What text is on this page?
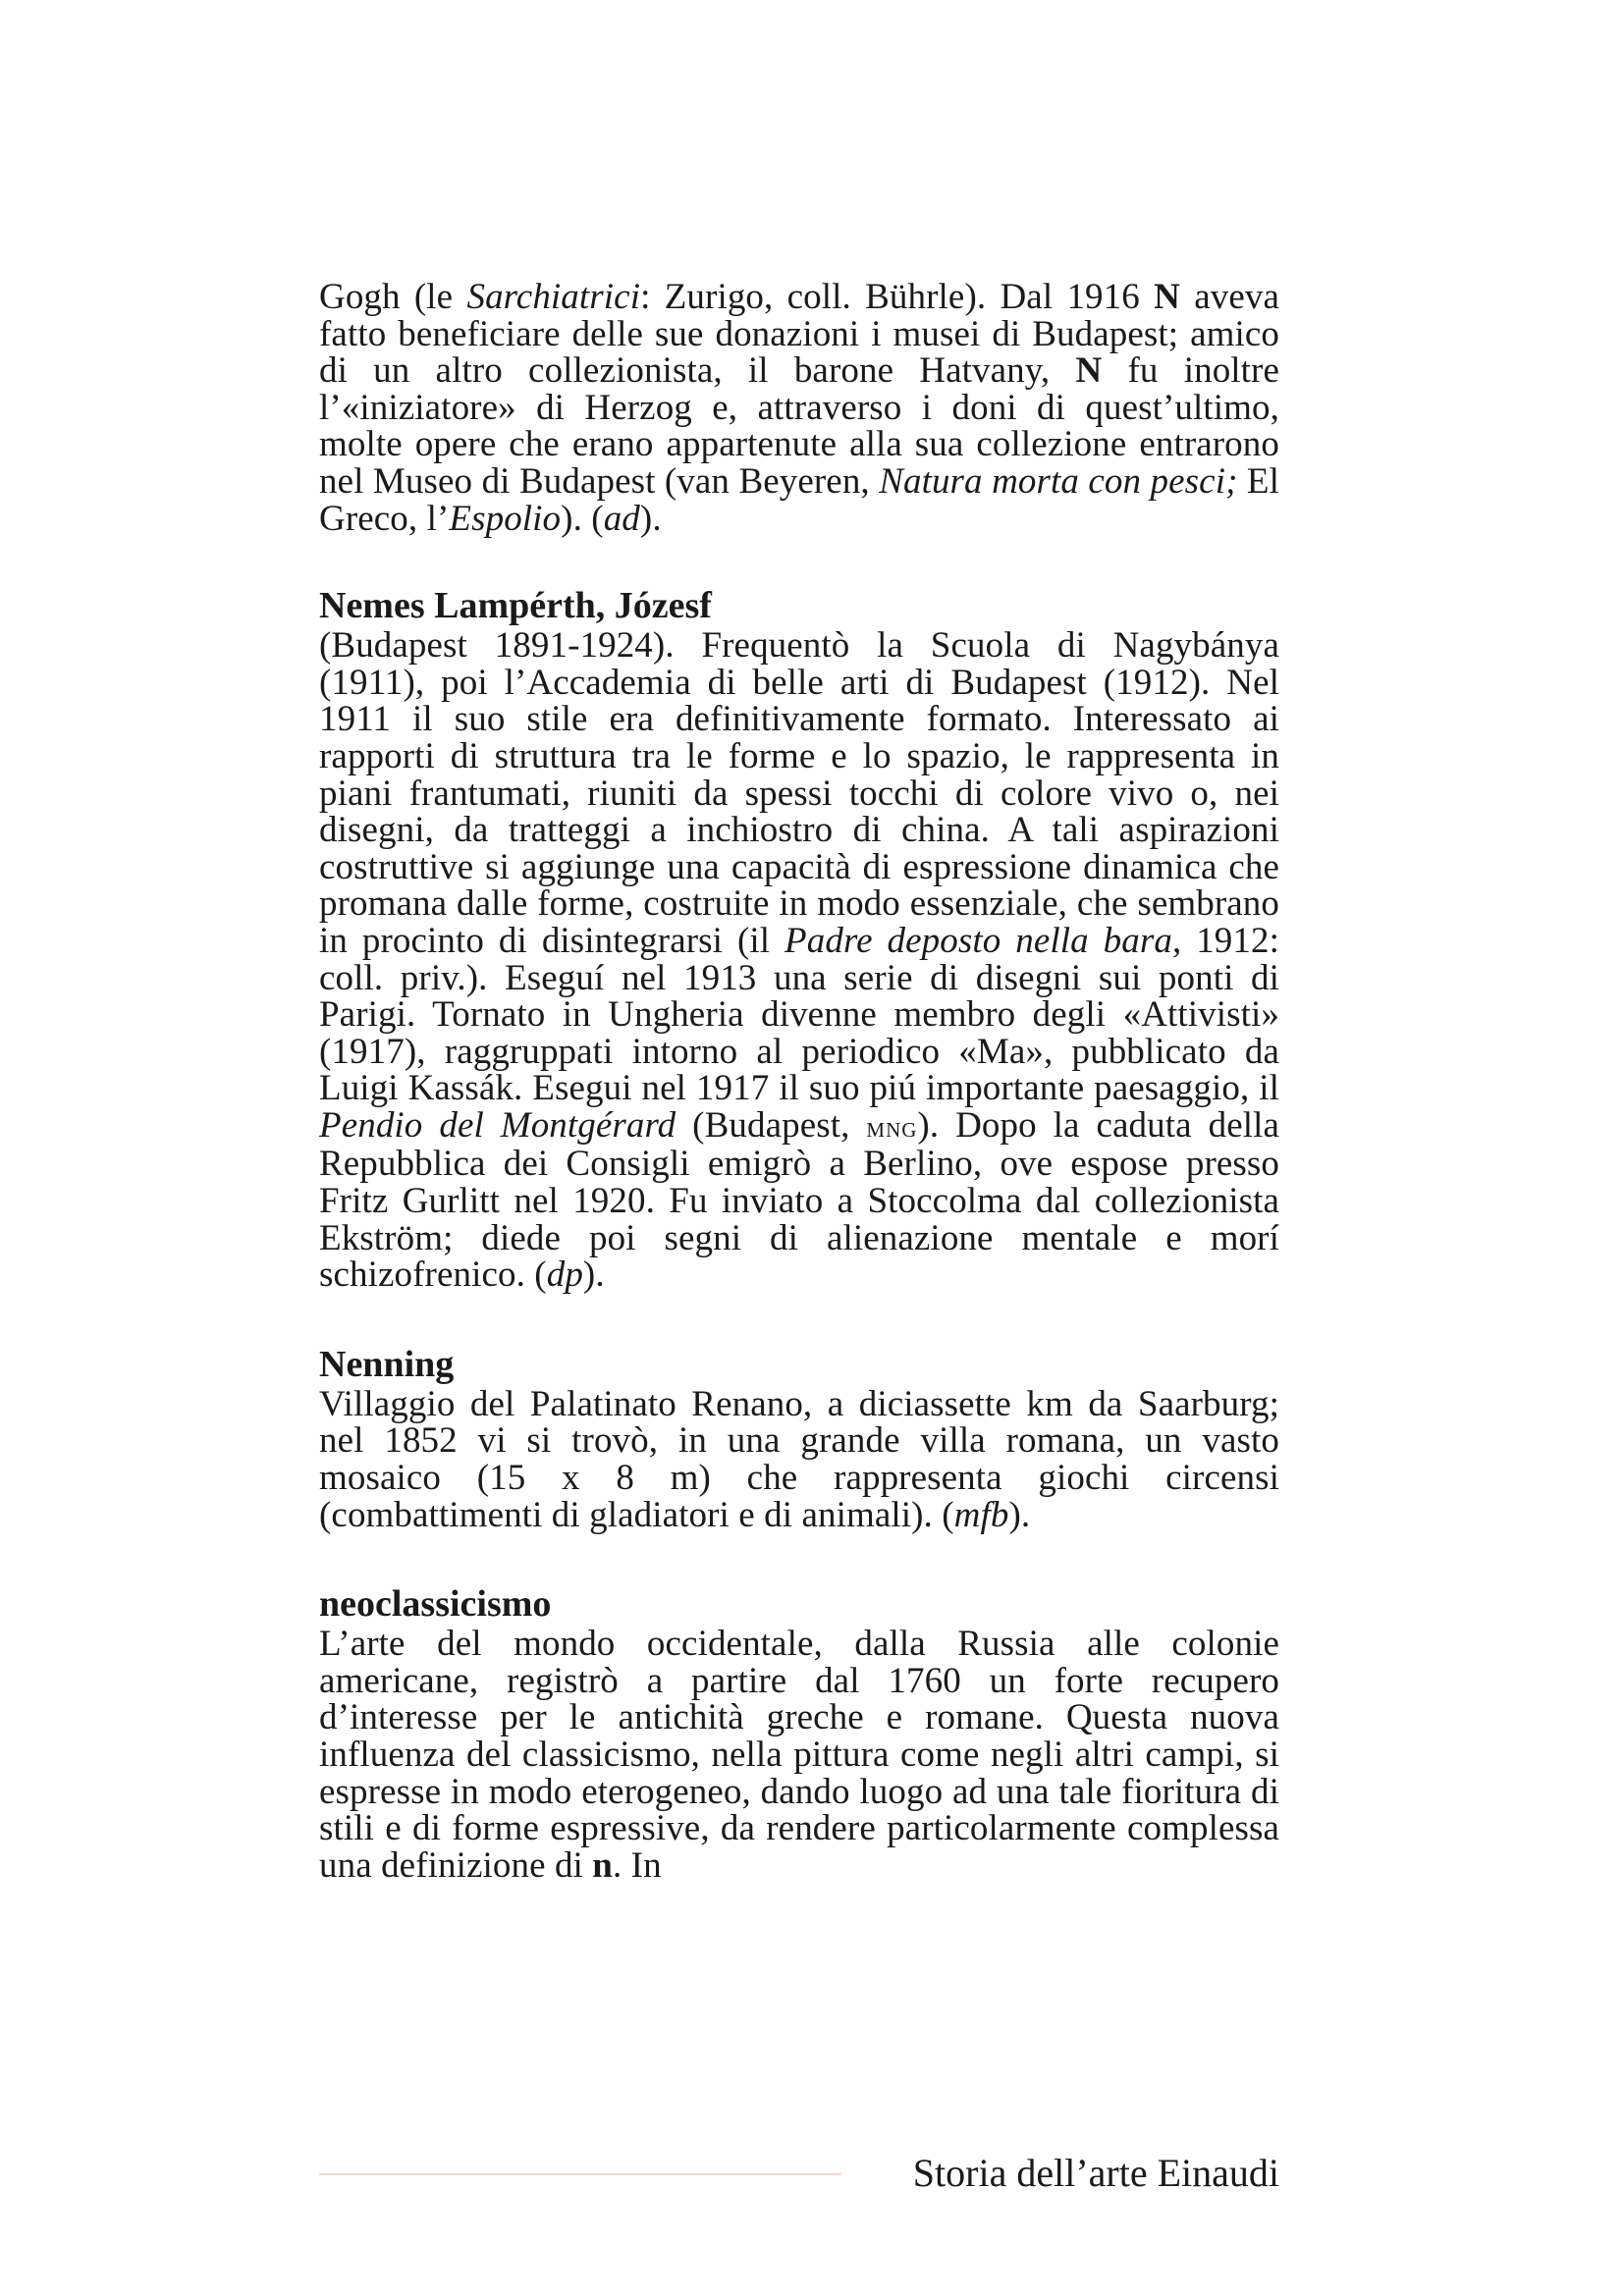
Gogh (le Sarchiatrici: Zurigo, coll. Bührle). Dal 1916 N aveva fatto beneficiare delle sue donazioni i musei di Budapest; amico di un altro collezionista, il barone Hatvany, N fu inoltre l’«iniziatore» di Herzog e, attraverso i doni di quest’ultimo, molte opere che erano appartenute alla sua collezione entrarono nel Museo di Budapest (van Beyeren, Natura morta con pesci; El Greco, l’Espolio). (ad).

Nemes Lampérth, Józesf

(Budapest 1891-1924). Frequentò la Scuola di Nagybánya (1911), poi l’Accademia di belle arti di Budapest (1912). Nel 1911 il suo stile era definitivamente formato. Interessato ai rapporti di struttura tra le forme e lo spazio, le rappresenta in piani frantumati, riuniti da spessi tocchi di colore vivo o, nei disegni, da tratteggi a inchiostro di china. A tali aspirazioni costruttive si aggiunge una capacità di espressione dinamica che promana dalle forme, costruite in modo essenziale, che sembrano in procinto di disintegrarsi (il Padre deposto nella bara, 1912: coll. priv.). Eseguí nel 1913 una serie di disegni sui ponti di Parigi. Tornato in Ungheria divenne membro degli «Attivisti» (1917), raggruppati intorno al periodico «Ma», pubblicato da Luigi Kassák. Esegui nel 1917 il suo piú importante paesaggio, il Pendio del Montgérard (Budapest, mng). Dopo la caduta della Repubblica dei Consigli emigrò a Berlino, ove espose presso Fritz Gurlitt nel 1920. Fu inviato a Stoccolma dal collezionista Ekström; diede poi segni di alienazione mentale e morí schizofrenico. (dp).

Nenning

Villaggio del Palatinato Renano, a diciassette km da Saarburg; nel 1852 vi si trovò, in una grande villa romana, un vasto mosaico (15 x 8 m) che rappresenta giochi circensi (combattimenti di gladiatori e di animali). (mfb).

neoclassicismo

L’arte del mondo occidentale, dalla Russia alle colonie americane, registrò a partire dal 1760 un forte recupero d’interesse per le antichità greche e romane. Questa nuova influenza del classicismo, nella pittura come negli altri campi, si espresse in modo eterogeneo, dando luogo ad una tale fioritura di stili e di forme espressive, da rendere particolarmente complessa una definizione di n. In

Storia dell’arte Einaudi
